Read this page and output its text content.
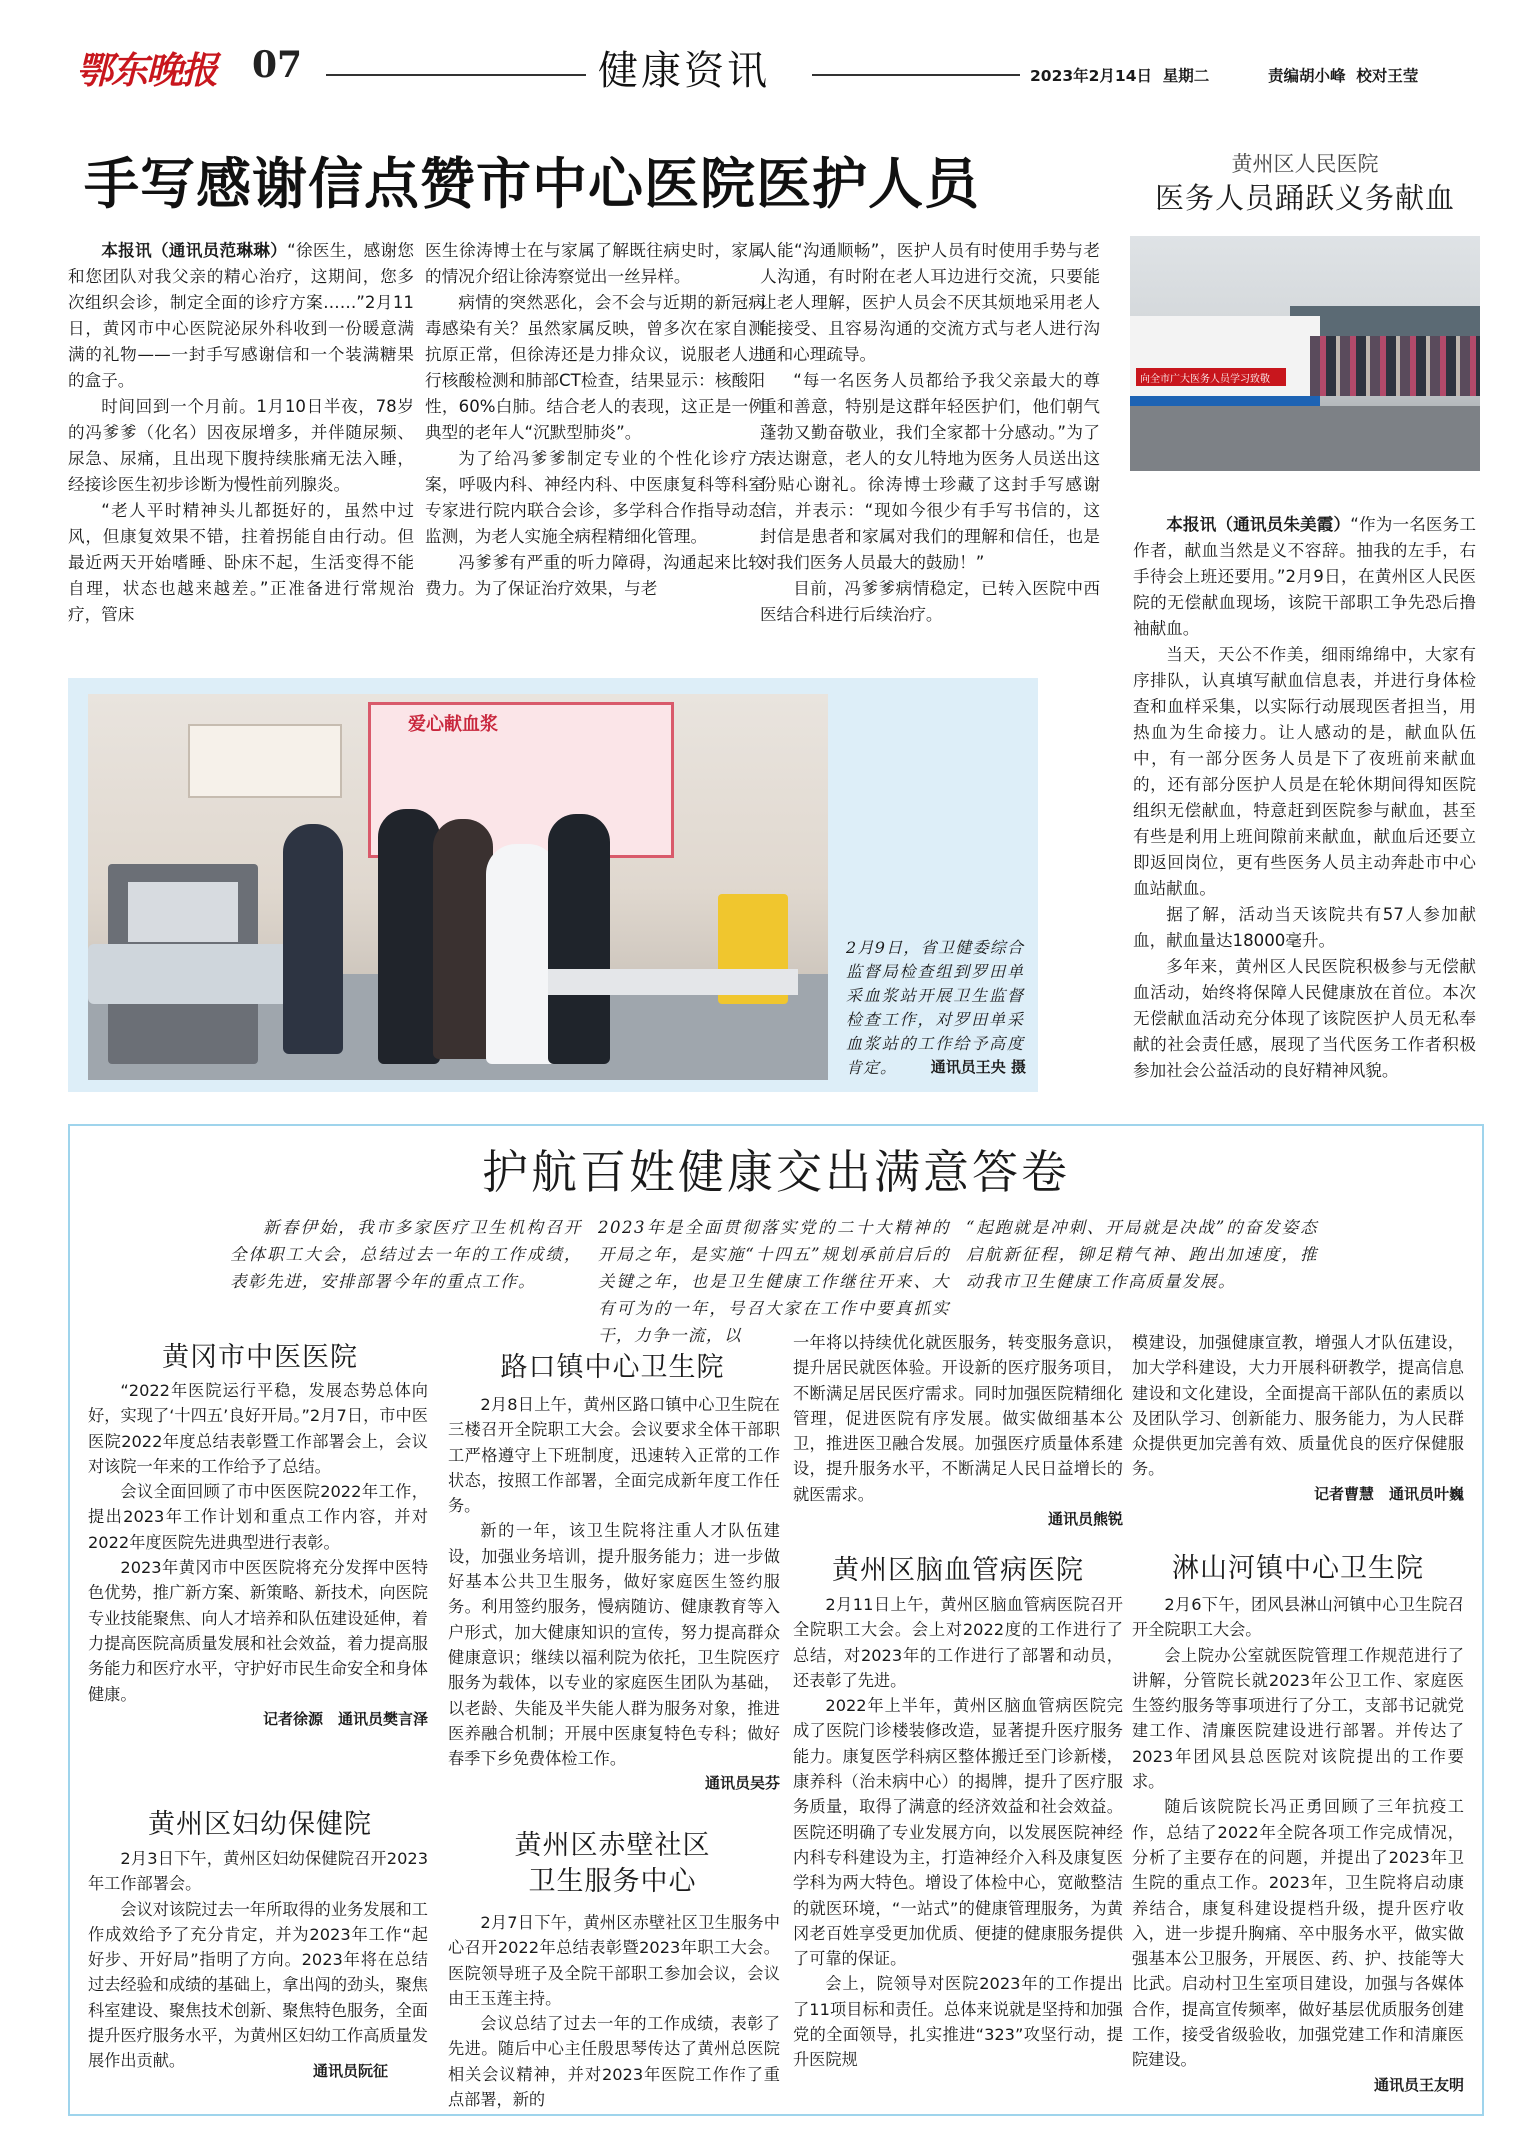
鄂东晚报 07	健康资讯	2023年2月14日 星期二	责编胡小峰 校对王莹
手写感谢信点赞市中心医院医护人员

本报讯（通讯员范琳琳）“徐医生，感谢您和您团队对我父亲的精心治疗，这期间，您多次组织会诊，制定全面的诊疗方案……”2月11日，黄冈市中心医院泌尿外科收到一份暖意满满的礼物——一封手写感谢信和一个装满糖果的盒子。

时间回到一个月前。1月10日半夜，78岁的冯爹爹（化名）因夜尿增多，并伴随尿频、尿急、尿痛，且出现下腹持续胀痛无法入睡，经接诊医生初步诊断为慢性前列腺炎。

“老人平时精神头儿都挺好的，虽然中过风，但康复效果不错，拄着拐能自由行动。但最近两天开始嗜睡、卧床不起，生活变得不能自理，状态也越来越差。”正准备进行常规治疗，管床

医生徐涛博士在与家属了解既往病史时，家属的情况介绍让徐涛察觉出一丝异样。

病情的突然恶化，会不会与近期的新冠病毒感染有关？虽然家属反映，曾多次在家自测抗原正常，但徐涛还是力排众议，说服老人进行核酸检测和肺部CT检查，结果显示：核酸阳性，60%白肺。结合老人的表现，这正是一例典型的老年人“沉默型肺炎”。

为了给冯爹爹制定专业的个性化诊疗方案，呼吸内科、神经内科、中医康复科等科室专家进行院内联合会诊，多学科合作指导动态监测，为老人实施全病程精细化管理。

冯爹爹有严重的听力障碍，沟通起来比较费力。为了保证治疗效果，与老

人能“沟通顺畅”，医护人员有时使用手势与老人沟通，有时附在老人耳边进行交流，只要能让老人理解，医护人员会不厌其烦地采用老人能接受、且容易沟通的交流方式与老人进行沟通和心理疏导。

“每一名医务人员都给予我父亲最大的尊重和善意，特别是这群年轻医护们，他们朝气蓬勃又勤奋敬业，我们全家都十分感动。”为了表达谢意，老人的女儿特地为医务人员送出这份贴心谢礼。徐涛博士珍藏了这封手写感谢信，并表示：“现如今很少有手写书信的，这封信是患者和家属对我们的理解和信任，也是对我们医务人员最大的鼓励！”

目前，冯爹爹病情稳定，已转入医院中西医结合科进行后续治疗。

爱心献血浆
2月9日，省卫健委综合监督局检查组到罗田单采血浆站开展卫生监督检查工作，对罗田单采血浆站的工作给予高度肯定。	通讯员王央 摄
黄州区人民医院
医务人员踊跃义务献血
向全市广大医务人员学习致敬

本报讯（通讯员朱美霞）“作为一名医务工作者，献血当然是义不容辞。抽我的左手，右手待会上班还要用。”2月9日，在黄州区人民医院的无偿献血现场，该院干部职工争先恐后撸袖献血。

当天，天公不作美，细雨绵绵中，大家有序排队，认真填写献血信息表，并进行身体检查和血样采集，以实际行动展现医者担当，用热血为生命接力。让人感动的是，献血队伍中，有一部分医务人员是下了夜班前来献血的，还有部分医护人员是在轮休期间得知医院组织无偿献血，特意赶到医院参与献血，甚至有些是利用上班间隙前来献血，献血后还要立即返回岗位，更有些医务人员主动奔赴市中心血站献血。

据了解，活动当天该院共有57人参加献血，献血量达18000毫升。

多年来，黄州区人民医院积极参与无偿献血活动，始终将保障人民健康放在首位。本次无偿献血活动充分体现了该院医护人员无私奉献的社会责任感，展现了当代医务工作者积极参加社会公益活动的良好精神风貌。

护航百姓健康交出满意答卷
新春伊始，我市多家医疗卫生机构召开全体职工大会，总结过去一年的工作成绩，表彰先进，安排部署今年的重点工作。
2023年是全面贯彻落实党的二十大精神的开局之年，是实施“十四五”规划承前启后的关键之年，也是卫生健康工作继往开来、大有可为的一年，号召大家在工作中要真抓实干，力争一流，以
“起跑就是冲刺、开局就是决战”的奋发姿态启航新征程，铆足精气神、跑出加速度，推动我市卫生健康工作高质量发展。
黄冈市中医医院

“2022年医院运行平稳，发展态势总体向好，实现了‘十四五’良好开局。”2月7日，市中医医院2022年度总结表彰暨工作部署会上，会议对该院一年来的工作给予了总结。

会议全面回顾了市中医医院2022年工作，提出2023年工作计划和重点工作内容，并对2022年度医院先进典型进行表彰。

2023年黄冈市中医医院将充分发挥中医特色优势，推广新方案、新策略、新技术，向医院专业技能聚焦、向人才培养和队伍建设延伸，着力提高医院高质量发展和社会效益，着力提高服务能力和医疗水平，守护好市民生命安全和身体健康。

记者徐源　通讯员樊言泽
黄州区妇幼保健院

2月3日下午，黄州区妇幼保健院召开2023年工作部署会。

会议对该院过去一年所取得的业务发展和工作成效给予了充分肯定，并为2023年工作“起好步、开好局”指明了方向。2023年将在总结过去经验和成绩的基础上，拿出闯的劲头，聚焦科室建设、聚焦技术创新、聚焦特色服务，全面提升医疗服务水平，为黄州区妇幼工作高质量发展作出贡献。

通讯员阮征
路口镇中心卫生院

2月8日上午，黄州区路口镇中心卫生院在三楼召开全院职工大会。会议要求全体干部职工严格遵守上下班制度，迅速转入正常的工作状态，按照工作部署，全面完成新年度工作任务。

新的一年，该卫生院将注重人才队伍建设，加强业务培训，提升服务能力；进一步做好基本公共卫生服务，做好家庭医生签约服务。利用签约服务，慢病随访、健康教育等入户形式，加大健康知识的宣传，努力提高群众健康意识；继续以福利院为依托，卫生院医疗服务为载体，以专业的家庭医生团队为基础，以老龄、失能及半失能人群为服务对象，推进医养融合机制；开展中医康复特色专科；做好春季下乡免费体检工作。

通讯员吴芬
黄州区赤壁社区
卫生服务中心

2月7日下午，黄州区赤壁社区卫生服务中心召开2022年总结表彰暨2023年职工大会。医院领导班子及全院干部职工参加会议，会议由王玉莲主持。

会议总结了过去一年的工作成绩，表彰了先进。随后中心主任殷思琴传达了黄州总医院相关会议精神，并对2023年医院工作作了重点部署，新的

一年将以持续优化就医服务，转变服务意识，提升居民就医体验。开设新的医疗服务项目，不断满足居民医疗需求。同时加强医院精细化管理，促进医院有序发展。做实做细基本公卫，推进医卫融合发展。加强医疗质量体系建设，提升服务水平，不断满足人民日益增长的就医需求。

通讯员熊锐
黄州区脑血管病医院

2月11日上午，黄州区脑血管病医院召开全院职工大会。会上对2022度的工作进行了总结，对2023年的工作进行了部署和动员，还表彰了先进。

2022年上半年，黄州区脑血管病医院完成了医院门诊楼装修改造，显著提升医疗服务能力。康复医学科病区整体搬迁至门诊新楼，康养科（治未病中心）的揭牌，提升了医疗服务质量，取得了满意的经济效益和社会效益。医院还明确了专业发展方向，以发展医院神经内科专科建设为主，打造神经介入科及康复医学科为两大特色。增设了体检中心，宽敞整洁的就医环境，“一站式”的健康管理服务，为黄冈老百姓享受更加优质、便捷的健康服务提供了可靠的保证。

会上，院领导对医院2023年的工作提出了11项目标和责任。总体来说就是坚持和加强党的全面领导，扎实推进“323”攻坚行动，提升医院规

模建设，加强健康宣教，增强人才队伍建设，加大学科建设，大力开展科研教学，提高信息建设和文化建设，全面提高干部队伍的素质以及团队学习、创新能力、服务能力，为人民群众提供更加完善有效、质量优良的医疗保健服务。

记者曹慧　通讯员叶巍
淋山河镇中心卫生院

2月6下午，团风县淋山河镇中心卫生院召开全院职工大会。

会上院办公室就医院管理工作规范进行了讲解，分管院长就2023年公卫工作、家庭医生签约服务等事项进行了分工，支部书记就党建工作、清廉医院建设进行部署。并传达了2023年团风县总医院对该院提出的工作要求。

随后该院院长冯正勇回顾了三年抗疫工作，总结了2022年全院各项工作完成情况，分析了主要存在的问题，并提出了2023年卫生院的重点工作。2023年，卫生院将启动康养结合，康复科建设提档升级，提升医疗收入，进一步提升胸痛、卒中服务水平，做实做强基本公卫服务，开展医、药、护、技能等大比武。启动村卫生室项目建设，加强与各媒体合作，提高宣传频率，做好基层优质服务创建工作，接受省级验收，加强党建工作和清廉医院建设。

通讯员王友明
